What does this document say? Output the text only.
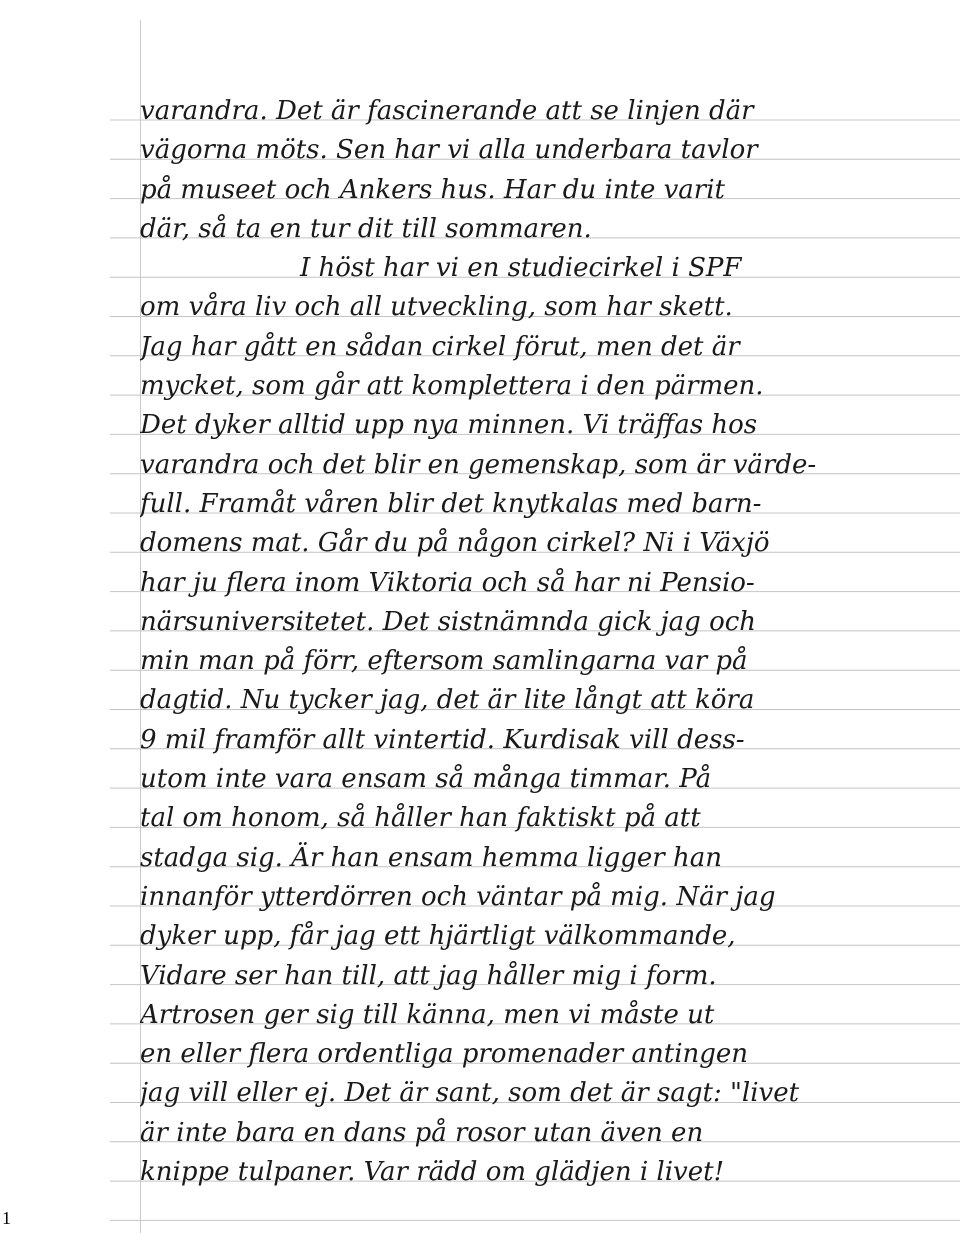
varandra. Det är fascinerande att se linjen där
vägorna möts. Sen har vi alla underbara tavlor
på museet och Ankers hus. Har du inte varit
där, så ta en tur dit till sommaren.
I höst har vi en studiecirkel i SPF
om våra liv och all utveckling, som har skett.
Jag har gått en sådan cirkel förut, men det är
mycket, som går att komplettera i den pärmen.
Det dyker alltid upp nya minnen. Vi träffas hos
varandra och det blir en gemenskap, som är värde-
full. Framåt våren blir det knytkalas med barn-
domens mat. Går du på någon cirkel? Ni i Växjö
har ju flera inom Viktoria och så har ni Pensio-
närsuniversitetet. Det sistnämnda gick jag och
min man på förr, eftersom samlingarna var på
dagtid. Nu tycker jag, det är lite långt att köra
9 mil framför allt vintertid. Kurdisak vill dess-
utom inte vara ensam så många timmar. På
tal om honom, så håller han faktiskt på att
stadga sig. Är han ensam hemma ligger han
innanför ytterdörren och väntar på mig. När jag
dyker upp, får jag ett hjärtligt välkommande,
Vidare ser han till, att jag håller mig i form.
Artrosen ger sig till känna, men vi måste ut
en eller flera ordentliga promenader antingen
jag vill eller ej. Det är sant, som det är sagt: "livet
är inte bara en dans på rosor utan även en
knippe tulpaner. Var rädd om glädjen i livet!
1
